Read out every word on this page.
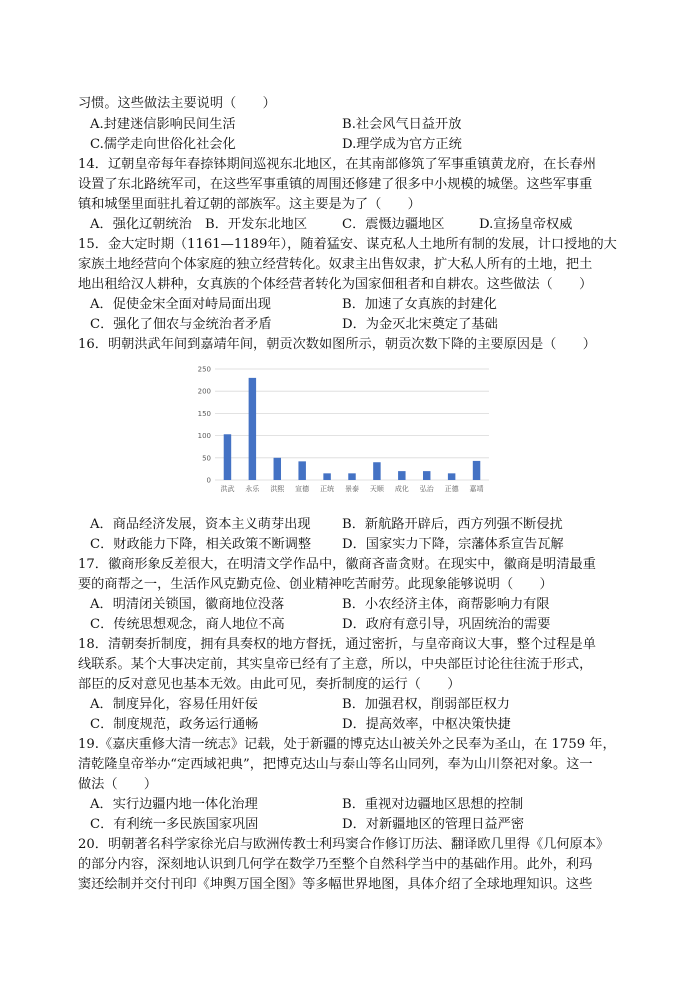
习惯。这些做法主要说明（　　）
A.封建迷信影响民间生活	B.社会风气日益开放
C.儒学走向世俗化社会化	D.理学成为官方正统
14．辽朝皇帝每年春捺钵期间巡视东北地区，在其南部修筑了军事重镇黄龙府，在长春州
设置了东北路统军司，在这些军事重镇的周围还修建了很多中小规模的城堡。这些军事重
镇和城堡里面驻扎着辽朝的部族军。这主要是为了（　　）
A．强化辽朝统治 B．开发东北地区	C．震慑边疆地区	D.宣扬皇帝权威
15．金大定时期（1161—1189年），随着猛安、谋克私人土地所有制的发展，计口授地的大
家族土地经营向个体家庭的独立经营转化。奴隶主出售奴隶，扩大私人所有的土地，把土
地出租给汉人耕种，女真族的个体经营者转化为国家佃租者和自耕农。这些做法（　　）
A．促使金宋全面对峙局面出现	B．加速了女真族的封建化
C．强化了佃农与金统治者矛盾	D．为金灭北宋奠定了基础
16．明朝洪武年间到嘉靖年间，朝贡次数如图所示，朝贡次数下降的主要原因是（　　）
0
50
100
150
200
250
洪武 永乐 洪熙 宣德 正统 景泰 天顺 成化 弘治 正德 嘉靖
A．商品经济发展，资本主义萌芽出现 B．新航路开辟后，西方列强不断侵扰
C．财政能力下降，相关政策不断调整 D．国家实力下降，宗藩体系宣告瓦解
17．徽商形象反差很大，在明清文学作品中，徽商吝啬贪财。在现实中，徽商是明清最重
要的商帮之一，生活作风克勤克俭、创业精神吃苦耐劳。此现象能够说明（　　）
A．明清闭关锁国，徽商地位没落	B．小农经济主体，商帮影响力有限
C．传统思想观念，商人地位不高	D．政府有意引导，巩固统治的需要
18．清朝奏折制度，拥有具奏权的地方督抚，通过密折，与皇帝商议大事，整个过程是单
线联系。某个大事决定前，其实皇帝已经有了主意，所以，中央部臣讨论往往流于形式，
部臣的反对意见也基本无效。由此可见，奏折制度的运行（　　）
A．制度异化，容易任用奸佞	B．加强君权，削弱部臣权力
C．制度规范，政务运行通畅	D．提高效率，中枢决策快捷
19.《嘉庆重修大清一统志》记载，处于新疆的博克达山被关外之民奉为圣山，在 1759 年，
清乾隆皇帝举办“定西域祀典”，把博克达山与泰山等名山同列，奉为山川祭祀对象。这一
做法（　　）
A．实行边疆内地一体化治理	B．重视对边疆地区思想的控制
C．有利统一多民族国家巩固	D．对新疆地区的管理日益严密
20．明朝著名科学家徐光启与欧洲传教士利玛窦合作修订历法、翻译欧几里得《几何原本》
的部分内容，深刻地认识到几何学在数学乃至整个自然科学当中的基础作用。此外，利玛
窦还绘制并交付刊印《坤舆万国全图》等多幅世界地图，具体介绍了全球地理知识。这些
